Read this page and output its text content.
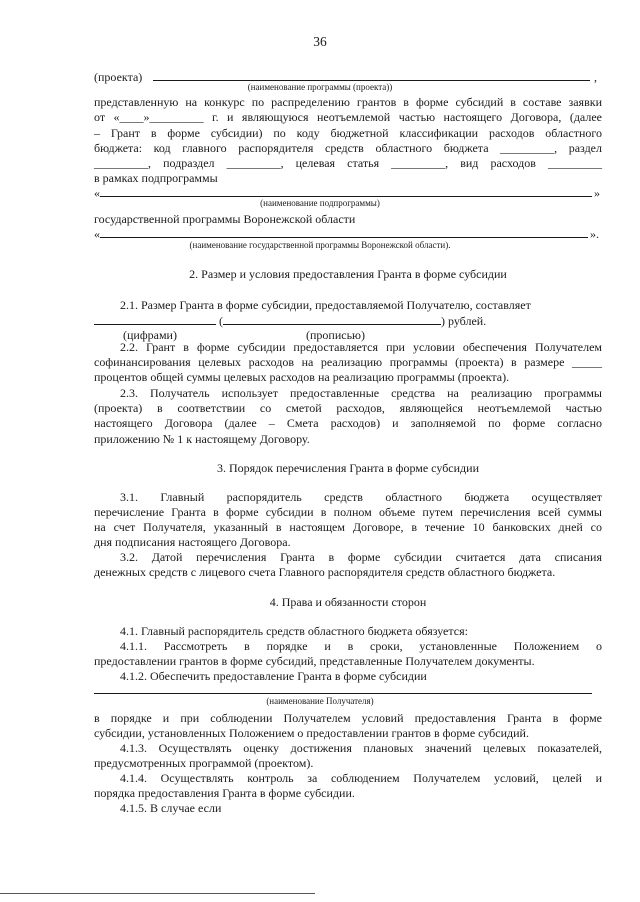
36
(проекта)	,
(наименование программы (проекта))
представленную на конкурс по распределению грантов в форме субсидий в составе заявки
от «____»_________ г. и являющуюся неотъемлемой частью настоящего Договора, (далее
– Грант в форме субсидии) по коду бюджетной классификации расходов областного
бюджета: код главного распорядителя средств областного бюджета _________, раздел
_________, подраздел _________, целевая статья _________, вид расходов _________
в рамках подпрограммы
«	»
(наименование подпрограммы)
государственной программы Воронежской области
«	».
(наименование государственной программы Воронежской области).
2. Размер и условия предоставления Гранта в форме субсидии
2.1. Размер Гранта в форме субсидии, предоставляемой Получателю, составляет
(	) рублей.
(цифрами)	(прописью)
2.2. Грант в форме субсидии предоставляется при условии обеспечения Получателем
софинансирования целевых расходов на реализацию программы (проекта) в размере _____
процентов общей суммы целевых расходов на реализацию программы (проекта).
2.3. Получатель использует предоставленные средства на реализацию программы
(проекта) в соответствии со сметой расходов, являющейся неотъемлемой частью
настоящего Договора (далее – Смета расходов) и заполняемой по форме согласно
приложению № 1 к настоящему Договору.
3. Порядок перечисления Гранта в форме субсидии
3.1. Главный распорядитель средств областного бюджета осуществляет
перечисление Гранта в форме субсидии в полном объеме путем перечисления всей суммы
на счет Получателя, указанный в настоящем Договоре, в течение 10 банковских дней со
дня подписания настоящего Договора.
3.2. Датой перечисления Гранта в форме субсидии считается дата списания
денежных средств с лицевого счета Главного распорядителя средств областного бюджета.
4. Права и обязанности сторон
4.1. Главный распорядитель средств областного бюджета обязуется:
4.1.1. Рассмотреть в порядке и в сроки, установленные Положением о
предоставлении грантов в форме субсидий, представленные Получателем документы.
4.1.2. Обеспечить предоставление Гранта в форме субсидии
(наименование Получателя)
в порядке и при соблюдении Получателем условий предоставления Гранта в форме
субсидии, установленных Положением о предоставлении грантов в форме субсидий.
4.1.3. Осуществлять оценку достижения плановых значений целевых показателей,
предусмотренных программой (проектом).
4.1.4. Осуществлять контроль за соблюдением Получателем условий, целей и
порядка предоставления Гранта в форме субсидии.
4.1.5. В случае если
